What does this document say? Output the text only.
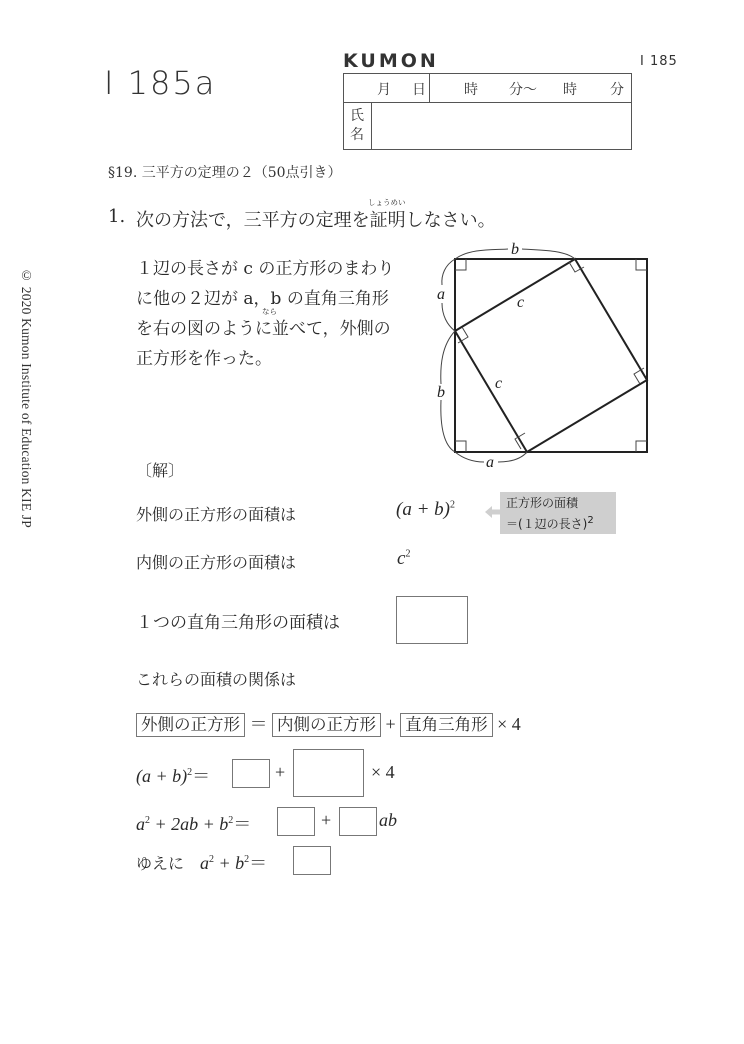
I 185a
I 185
KUMON
月 日	時 分〜 時 分
氏
名
§19. 三平方の定理の２（50点引き）
© 2020 Kumon Institute of Education KIE JP
1. 次の方法で，三平方の定理を証明しなさい。
しょうめい
１辺の長さが c の正方形のまわり
に他の２辺が a，b の直角三角形
を右の図のように並べて，外側の
正方形を作った。
なら
b
a
b
a
c
c
〔解〕
外側の正方形の面積は	$(a + b)^2$	正方形の面積
＝(１辺の長さ)$^2$
内側の正方形の面積は	$c^2$
１つの直角三角形の面積は
これらの面積の関係は
外側の正方形 ＝ 内側の正方形 + 直角三角形 × 4
$(a + b)^2=$	+	× 4
$a^2 + 2ab + b^2=$	+	ab
ゆえに $a^2 + b^2=$
